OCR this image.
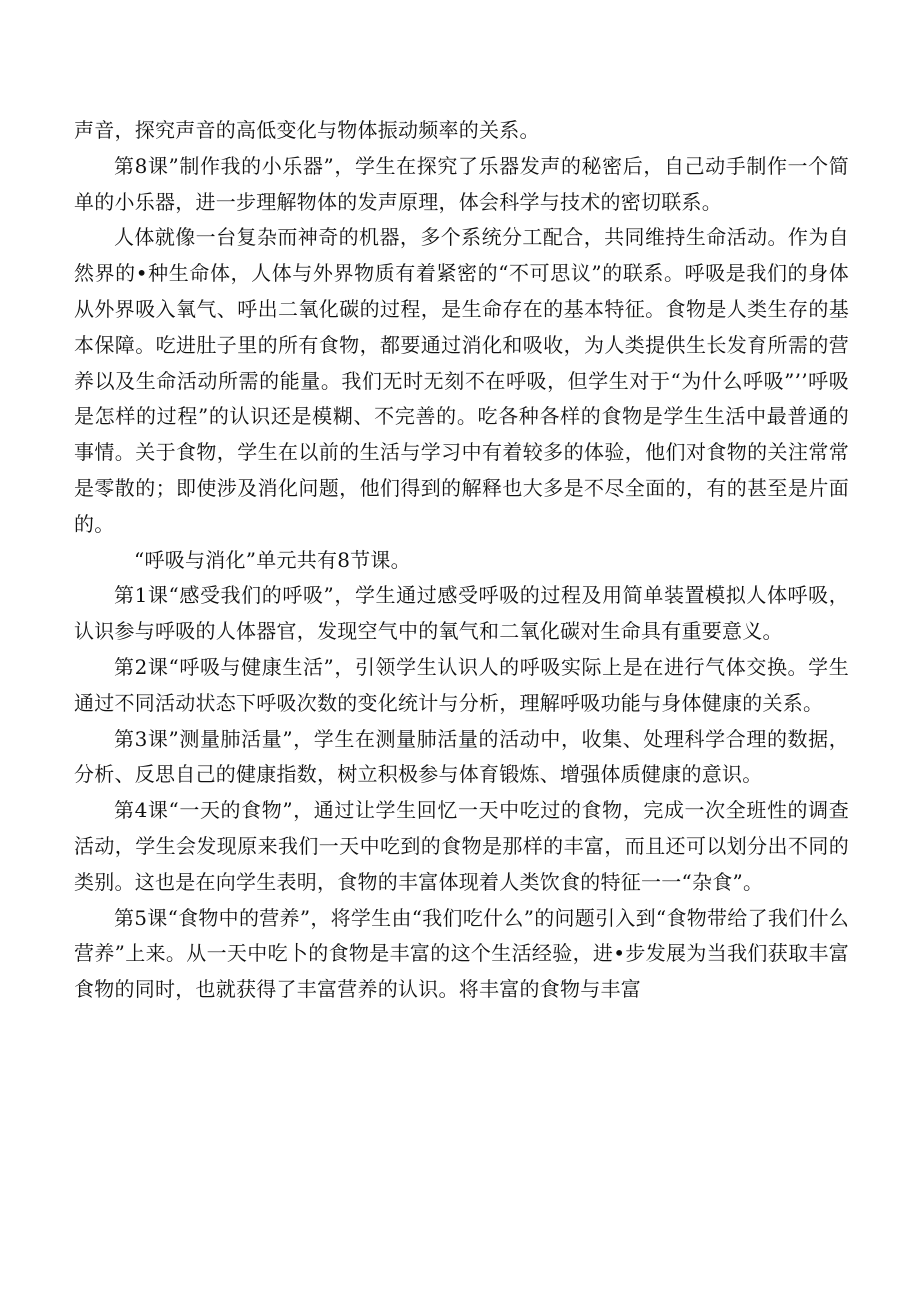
声音，探究声音的高低变化与物体振动频率的关系。

第8课”制作我的小乐器”，学生在探究了乐器发声的秘密后，自己动手制作一个简单的小乐器，进一步理解物体的发声原理，体会科学与技术的密切联系。

人体就像一台复杂而神奇的机器，多个系统分工配合，共同维持生命活动。作为自然界的•种生命体，人体与外界物质有着紧密的“不可思议”的联系。呼吸是我们的身体从外界吸入氧气、呼出二氧化碳的过程，是生命存在的基本特征。食物是人类生存的基本保障。吃进肚子里的所有食物，都要通过消化和吸收，为人类提供生长发育所需的营养以及生命活动所需的能量。我们无时无刻不在呼吸，但学生对于“为什么呼吸”’’呼吸是怎样的过程”的认识还是模糊、不完善的。吃各种各样的食物是学生生活中最普通的事情。关于食物，学生在以前的生活与学习中有着较多的体验，他们对食物的关注常常是零散的；即使涉及消化问题，他们得到的解释也大多是不尽全面的，有的甚至是片面的。

“呼吸与消化”单元共有8节课。

第1课“感受我们的呼吸”，学生通过感受呼吸的过程及用简单装置模拟人体呼吸，认识参与呼吸的人体器官，发现空气中的氧气和二氧化碳对生命具有重要意义。

第2课“呼吸与健康生活”，引领学生认识人的呼吸实际上是在进行气体交换。学生通过不同活动状态下呼吸次数的变化统计与分析，理解呼吸功能与身体健康的关系。

第3课”测量肺活量”，学生在测量肺活量的活动中，收集、处理科学合理的数据，分析、反思自己的健康指数，树立积极参与体育锻炼、增强体质健康的意识。

第4课“一天的食物”，通过让学生回忆一天中吃过的食物，完成一次全班性的调查活动，学生会发现原来我们一天中吃到的食物是那样的丰富，而且还可以划分出不同的类别。这也是在向学生表明，食物的丰富体现着人类饮食的特征一一“杂食”。

第5课“食物中的营养”，将学生由“我们吃什么”的问题引入到“食物带给了我们什么营养”上来。从一天中吃卜的食物是丰富的这个生活经验，进•步发展为当我们获取丰富食物的同时，也就获得了丰富营养的认识。将丰富的食物与丰富
